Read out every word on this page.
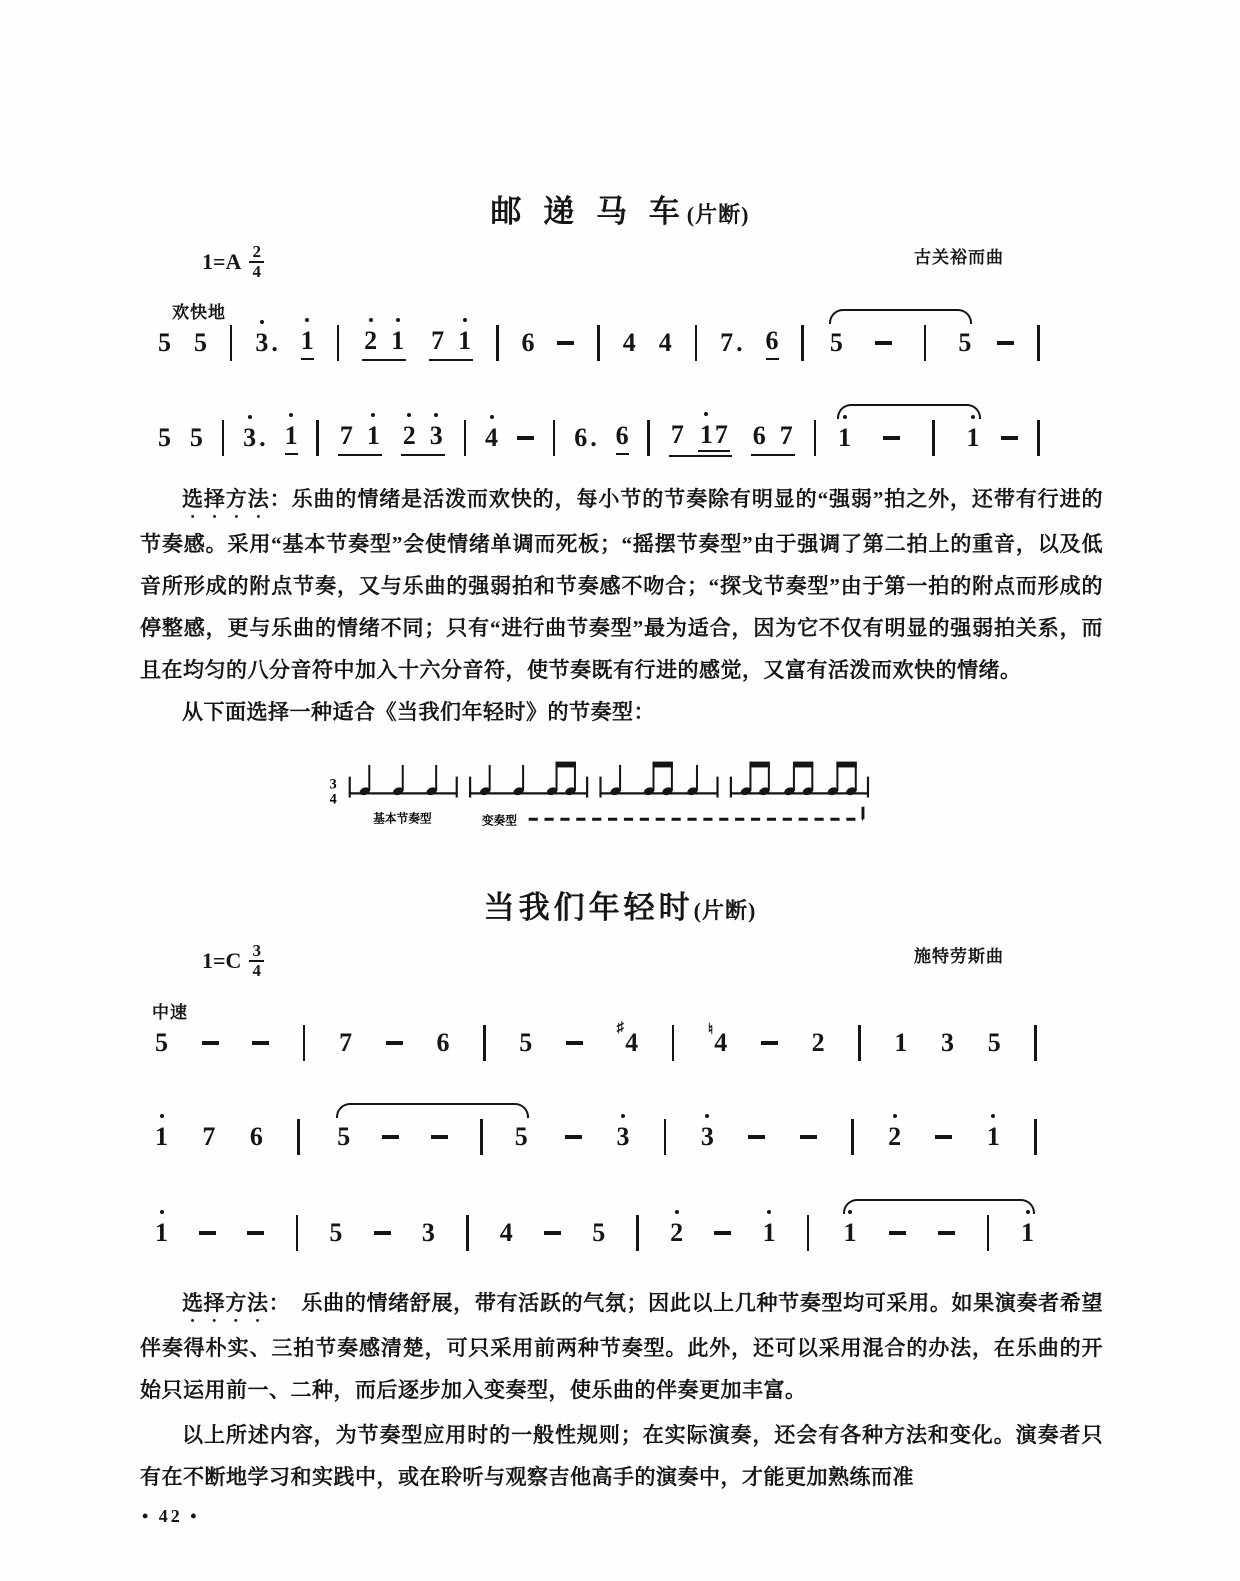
邮 递 马 车(片断)
$1=A \frac{2}{4}$	古关裕而曲
欢快地
5 5 3 . 1 2 1 7 1 6	4 4 7 . 6 5	5
5 5 3 . 1 7 1 2 3 4	6 . 6 7 1 7 6 7 1	1

选择方法：乐曲的情绪是活泼而欢快的，每小节的节奏除有明显的“强弱”拍之外，还带有行进的节奏感。采用“基本节奏型”会使情绪单调而死板；“摇摆节奏型”由于强调了第二拍上的重音，以及低音所形成的附点节奏，又与乐曲的强弱拍和节奏感不吻合；“探戈节奏型”由于第一拍的附点而形成的停整感，更与乐曲的情绪不同；只有“进行曲节奏型”最为适合，因为它不仅有明显的强弱拍关系，而且在均匀的八分音符中加入十六分音符，使节奏既有行进的感觉，又富有活泼而欢快的情绪。

从下面选择一种适合《当我们年轻时》的节奏型：

3
4
基本节奏型	变奏型
当我们年轻时(片断)
$1=C \frac{3}{4}$	施特劳斯曲
中速
5	7	6	5	♯ 4	♮ 4	2	1 3 5
1 7 6	5	5	3	3	2	1
1	5	3 4	5 2	1	1	1

选择方法：　乐曲的情绪舒展，带有活跃的气氛；因此以上几种节奏型均可采用。如果演奏者希望伴奏得朴实、三拍节奏感清楚，可只采用前两种节奏型。此外，还可以采用混合的办法，在乐曲的开始只运用前一、二种，而后逐步加入变奏型，使乐曲的伴奏更加丰富。

以上所述内容，为节奏型应用时的一般性规则；在实际演奏，还会有各种方法和变化。演奏者只有在不断地学习和实践中，或在聆听与观察吉他高手的演奏中，才能更加熟练而准

• 42 •
